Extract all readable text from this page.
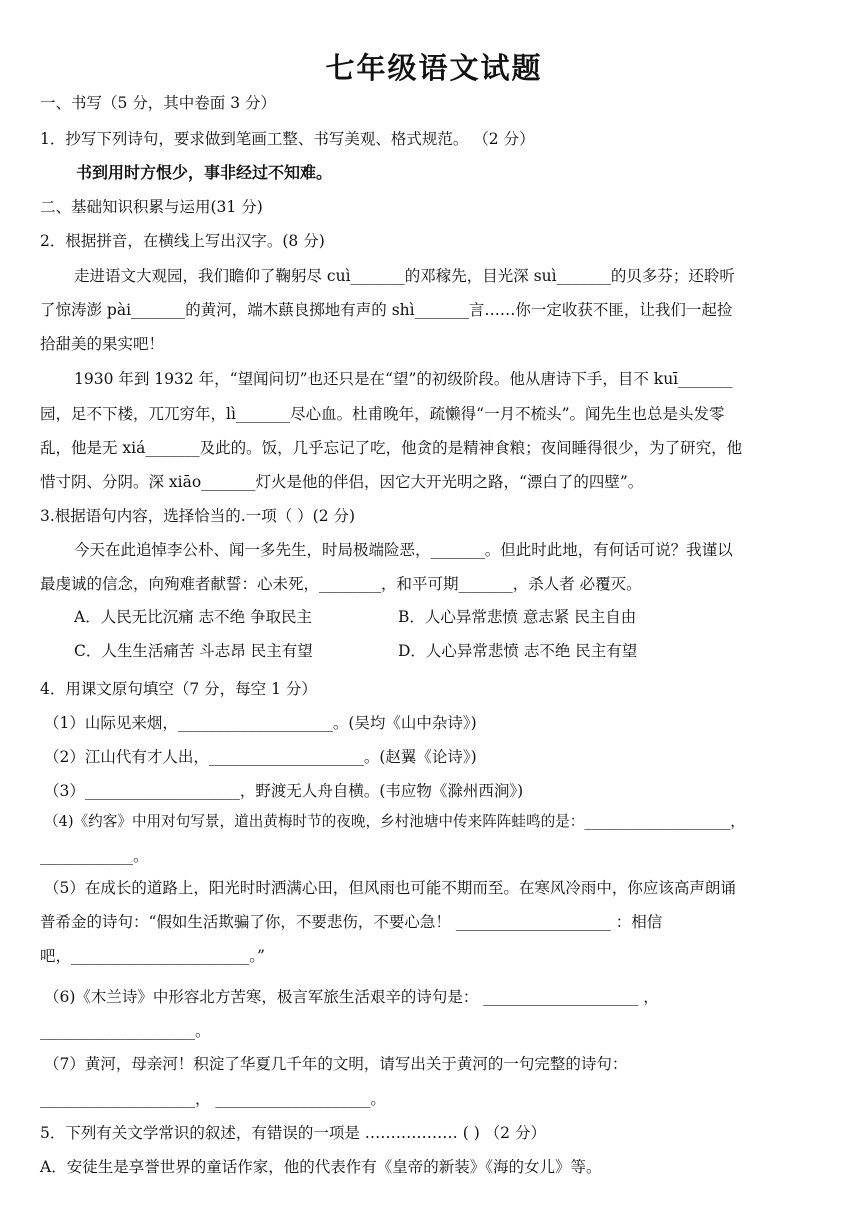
七年级语文试题
一、书写（5 分，其中卷面 3 分）
1．抄写下列诗句，要求做到笔画工整、书写美观、格式规范。 （2 分）
书到用时方恨少，事非经过不知难。
二、基础知识积累与运用(31 分)
2．根据拼音，在横线上写出汉字。(8 分)
走进语文大观园，我们瞻仰了鞠躬尽 cuì_______的邓稼先，目光深 suì_______的贝多芬；还聆听
了惊涛澎 pài_______的黄河，端木蕻良掷地有声的 shì_______言……你一定收获不匪，让我们一起捡
拾甜美的果实吧！
1930 年到 1932 年，“望闻问切”也还只是在“望”的初级阶段。他从唐诗下手，目不 kuī_______
园，足不下楼，兀兀穷年，lì_______尽心血。杜甫晚年，疏懒得“一月不梳头”。闻先生也总是头发零
乱，他是无 xiá_______及此的。饭，几乎忘记了吃，他贪的是精神食粮；夜间睡得很少，为了研究，他
惜寸阴、分阴。深 xiāo_______灯火是他的伴侣，因它大开光明之路，“漂白了的四壁”。
3.根据语句内容，选择恰当的.一项（ ）(2 分)
今天在此追悼李公朴、闻一多先生，时局极端险恶，_______。但此时此地，有何话可说？我谨以
最虔诚的信念，向殉难者献誓：心未死，________，和平可期_______，杀人者 必覆灭。
A．人民无比沉痛 志不绝 争取民主	B．人心异常悲愤 意志紧 民主自由
C．人生生活痛苦 斗志昂 民主有望	D．人心异常悲愤 志不绝 民主有望
4．用课文原句填空（7 分，每空 1 分）
（1）山际见来烟，____________________。(吴均《山中杂诗》)
（2）江山代有才人出，____________________。(赵翼《论诗》)
（3）____________________，野渡无人舟自横。(韦应物《滁州西涧》)
（4)《约客》中用对句写景，道出黄梅时节的夜晚，乡村池塘中传来阵阵蛙鸣的是：____________________，
____________。
（5）在成长的道路上，阳光时时洒满心田，但风雨也可能不期而至。在寒风冷雨中，你应该高声朗诵
普希金的诗句：“假如生活欺骗了你，不要悲伤，不要心急！ ____________________ ：相信
吧，_______________________。”
（6)《木兰诗》中形容北方苦寒，极言军旅生活艰辛的诗句是： ____________________ ，
____________________。
（7）黄河，母亲河！积淀了华夏几千年的文明，请写出关于黄河的一句完整的诗句：
____________________， ____________________。
5．下列有关文学常识的叙述，有错误的一项是 ……………… ( ) （2 分）
A．安徒生是享誉世界的童话作家，他的代表作有《皇帝的新装》《海的女儿》等。
